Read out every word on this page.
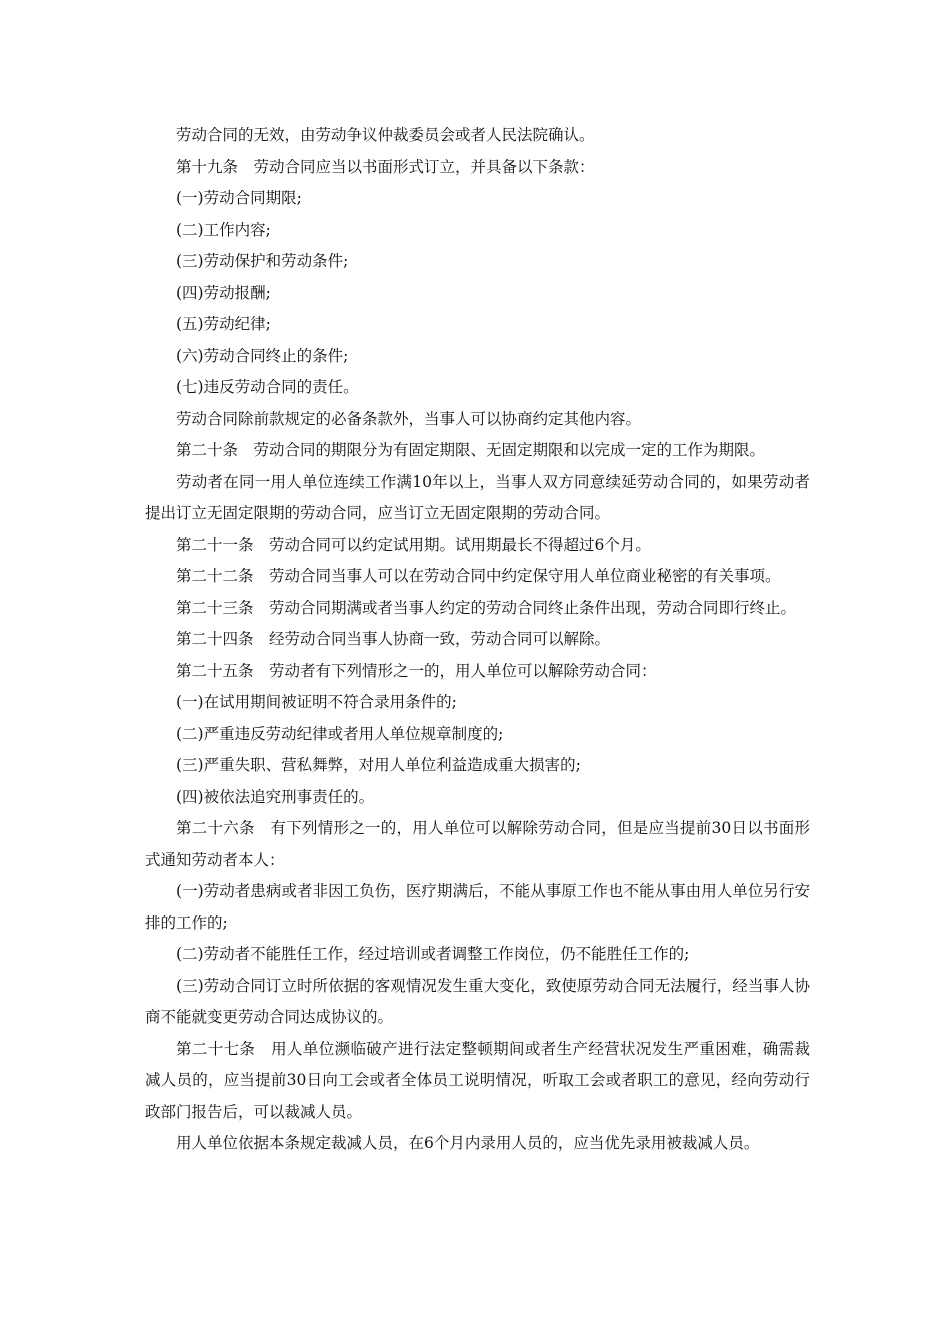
劳动合同的无效，由劳动争议仲裁委员会或者人民法院确认。

第十九条　劳动合同应当以书面形式订立，并具备以下条款：

(一)劳动合同期限;

(二)工作内容;

(三)劳动保护和劳动条件;

(四)劳动报酬;

(五)劳动纪律;

(六)劳动合同终止的条件;

(七)违反劳动合同的责任。

劳动合同除前款规定的必备条款外，当事人可以协商约定其他内容。

第二十条　劳动合同的期限分为有固定期限、无固定期限和以完成一定的工作为期限。

劳动者在同一用人单位连续工作满10年以上，当事人双方同意续延劳动合同的，如果劳动者提出订立无固定限期的劳动合同，应当订立无固定限期的劳动合同。

第二十一条　劳动合同可以约定试用期。试用期最长不得超过6个月。

第二十二条　劳动合同当事人可以在劳动合同中约定保守用人单位商业秘密的有关事项。

第二十三条　劳动合同期满或者当事人约定的劳动合同终止条件出现，劳动合同即行终止。

第二十四条　经劳动合同当事人协商一致，劳动合同可以解除。

第二十五条　劳动者有下列情形之一的，用人单位可以解除劳动合同：

(一)在试用期间被证明不符合录用条件的;

(二)严重违反劳动纪律或者用人单位规章制度的;

(三)严重失职、营私舞弊，对用人单位利益造成重大损害的;

(四)被依法追究刑事责任的。

第二十六条　有下列情形之一的，用人单位可以解除劳动合同，但是应当提前30日以书面形式通知劳动者本人：

(一)劳动者患病或者非因工负伤，医疗期满后，不能从事原工作也不能从事由用人单位另行安排的工作的;

(二)劳动者不能胜任工作，经过培训或者调整工作岗位，仍不能胜任工作的;

(三)劳动合同订立时所依据的客观情况发生重大变化，致使原劳动合同无法履行，经当事人协商不能就变更劳动合同达成协议的。

第二十七条　用人单位濒临破产进行法定整顿期间或者生产经营状况发生严重困难，确需裁减人员的，应当提前30日向工会或者全体员工说明情况，听取工会或者职工的意见，经向劳动行政部门报告后，可以裁减人员。

用人单位依据本条规定裁减人员，在6个月内录用人员的，应当优先录用被裁减人员。
